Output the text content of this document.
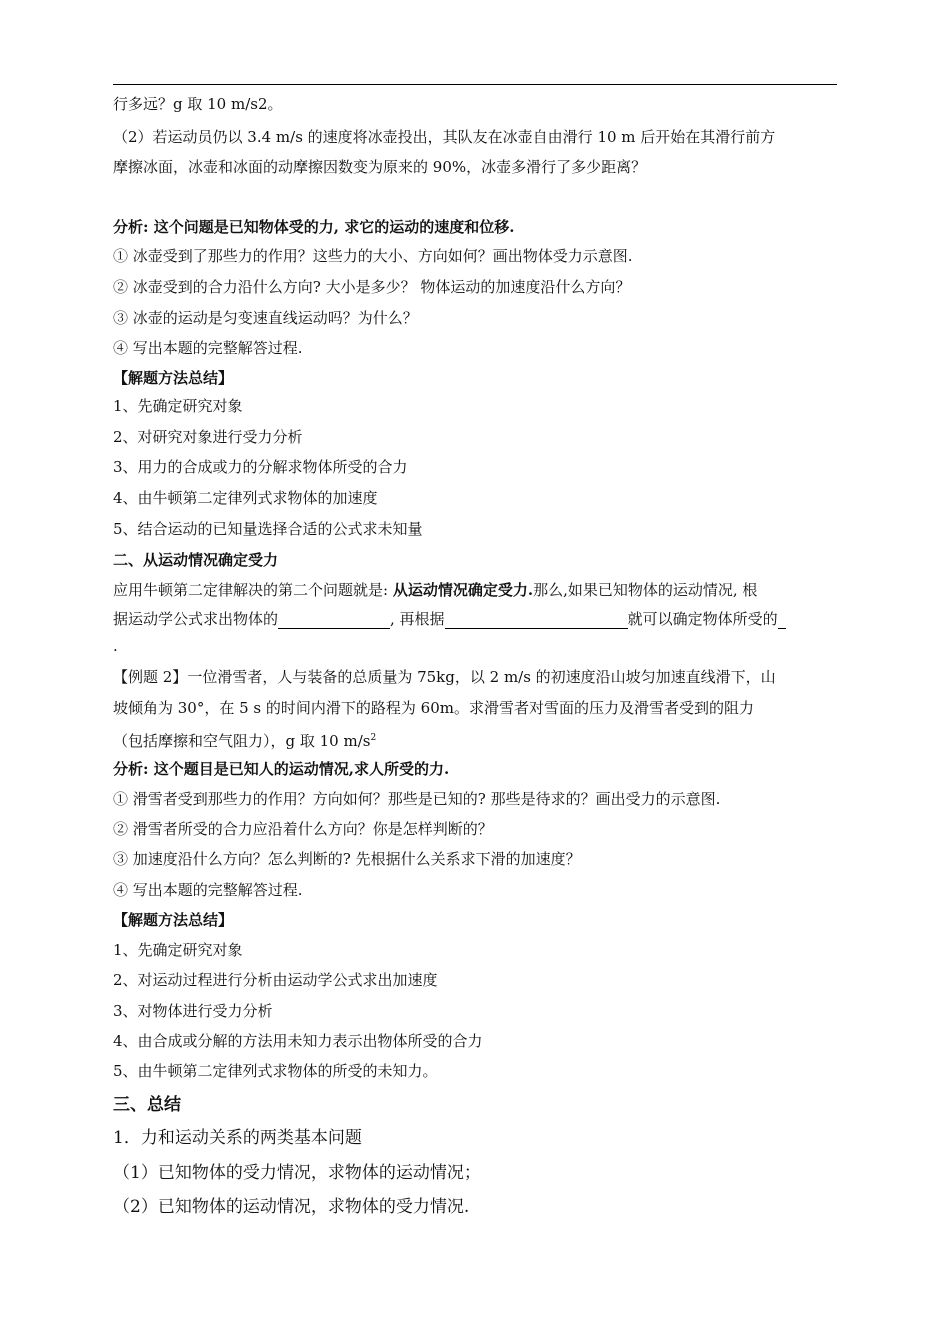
行多远？g 取 10 m/s2。
（2）若运动员仍以 3.4 m/s 的速度将冰壶投出，其队友在冰壶自由滑行 10 m 后开始在其滑行前方
摩擦冰面，冰壶和冰面的动摩擦因数变为原来的 90%，冰壶多滑行了多少距离？
分析: 这个问题是已知物体受的力, 求它的运动的速度和位移.
① 冰壶受到了那些力的作用？这些力的大小、方向如何？画出物体受力示意图.
② 冰壶受到的合力沿什么方向? 大小是多少？ 物体运动的加速度沿什么方向？
③ 冰壶的运动是匀变速直线运动吗？为什么？
④ 写出本题的完整解答过程.
【解题方法总结】
1、先确定研究对象
2、对研究对象进行受力分析
3、用力的合成或力的分解求物体所受的合力
4、由牛顿第二定律列式求物体的加速度
5、结合运动的已知量选择合适的公式求未知量
二、从运动情况确定受力
应用牛顿第二定律解决的第二个问题就是: 从运动情况确定受力.那么,如果已知物体的运动情况, 根
据运动学公式求出物体的	, 再根据	就可以确定物体所受的
.
【例题 2】一位滑雪者，人与装备的总质量为 75kg，以 2 m/s 的初速度沿山坡匀加速直线滑下，山
坡倾角为 30°，在 5 s 的时间内滑下的路程为 60m。求滑雪者对雪面的压力及滑雪者受到的阻力
（包括摩擦和空气阻力），g 取 10 $m/s^2$
分析: 这个题目是已知人的运动情况,求人所受的力.
① 滑雪者受到那些力的作用？方向如何？那些是已知的? 那些是待求的？画出受力的示意图.
② 滑雪者所受的合力应沿着什么方向？你是怎样判断的？
③ 加速度沿什么方向？怎么判断的? 先根据什么关系求下滑的加速度？
④ 写出本题的完整解答过程.
【解题方法总结】
1、先确定研究对象
2、对运动过程进行分析由运动学公式求出加速度
3、对物体进行受力分析
4、由合成或分解的方法用未知力表示出物体所受的合力
5、由牛顿第二定律列式求物体的所受的未知力。
三、总结
1．力和运动关系的两类基本问题
（1）已知物体的受力情况，求物体的运动情况；
（2）已知物体的运动情况，求物体的受力情况.
